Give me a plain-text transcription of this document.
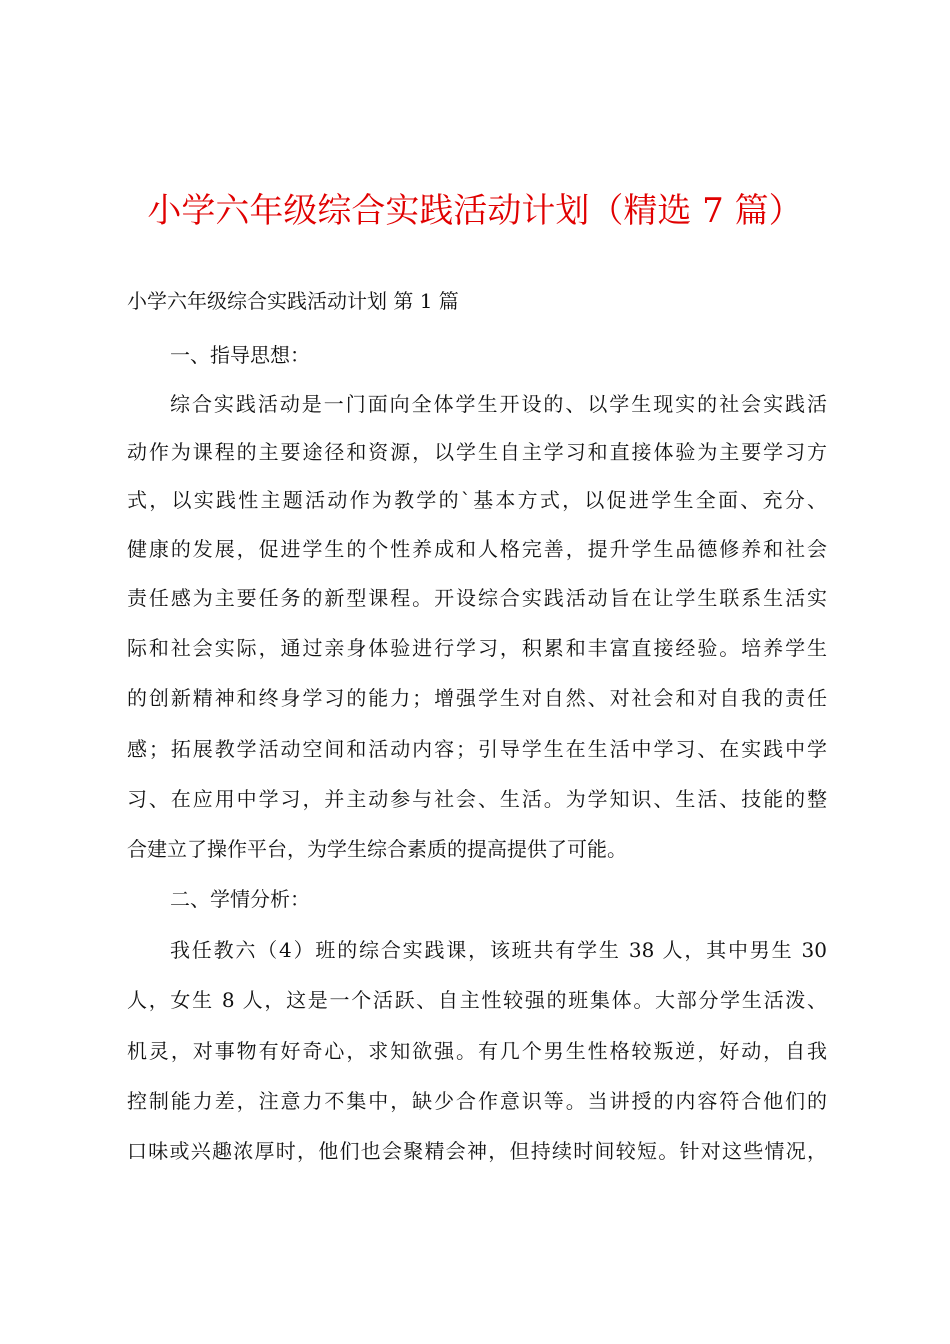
小学六年级综合实践活动计划（精选 7 篇）

小学六年级综合实践活动计划 第 1 篇

一、指导思想：

综合实践活动是一门面向全体学生开设的、以学生现实的社会实践活

动作为课程的主要途径和资源，以学生自主学习和直接体验为主要学习方

式，以实践性主题活动作为教学的`基本方式，以促进学生全面、充分、

健康的发展，促进学生的个性养成和人格完善，提升学生品德修养和社会

责任感为主要任务的新型课程。开设综合实践活动旨在让学生联系生活实

际和社会实际，通过亲身体验进行学习，积累和丰富直接经验。培养学生

的创新精神和终身学习的能力；增强学生对自然、对社会和对自我的责任

感；拓展教学活动空间和活动内容；引导学生在生活中学习、在实践中学

习、在应用中学习，并主动参与社会、生活。为学知识、生活、技能的整

合建立了操作平台，为学生综合素质的提高提供了可能。

二、学情分析：

我任教六（4）班的综合实践课，该班共有学生 38 人，其中男生 30

人，女生 8 人，这是一个活跃、自主性较强的班集体。大部分学生活泼、

机灵，对事物有好奇心，求知欲强。有几个男生性格较叛逆，好动，自我

控制能力差，注意力不集中，缺少合作意识等。当讲授的内容符合他们的

口味或兴趣浓厚时，他们也会聚精会神，但持续时间较短。针对这些情况，
